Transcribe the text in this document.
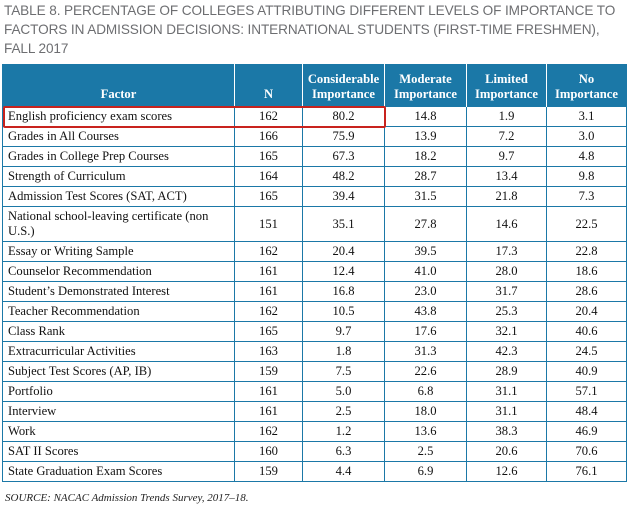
TABLE 8. PERCENTAGE OF COLLEGES ATTRIBUTING DIFFERENT LEVELS OF IMPORTANCE TO FACTORS IN ADMISSION DECISIONS: INTERNATIONAL STUDENTS (FIRST-TIME FRESHMEN), FALL 2017
Factor	N	Considerable Importance	Moderate Importance	Limited Importance	No Importance
English proficiency exam scores	162	80.2	14.8	1.9	3.1
Grades in All Courses	166	75.9	13.9	7.2	3.0
Grades in College Prep Courses	165	67.3	18.2	9.7	4.8
Strength of Curriculum	164	48.2	28.7	13.4	9.8
Admission Test Scores (SAT, ACT)	165	39.4	31.5	21.8	7.3
National school-leaving certificate (non U.S.)	151	35.1	27.8	14.6	22.5
Essay or Writing Sample	162	20.4	39.5	17.3	22.8
Counselor Recommendation	161	12.4	41.0	28.0	18.6
Student’s Demonstrated Interest	161	16.8	23.0	31.7	28.6
Teacher Recommendation	162	10.5	43.8	25.3	20.4
Class Rank	165	9.7	17.6	32.1	40.6
Extracurricular Activities	163	1.8	31.3	42.3	24.5
Subject Test Scores (AP, IB)	159	7.5	22.6	28.9	40.9
Portfolio	161	5.0	6.8	31.1	57.1
Interview	161	2.5	18.0	31.1	48.4
Work	162	1.2	13.6	38.3	46.9
SAT II Scores	160	6.3	2.5	20.6	70.6
State Graduation Exam Scores	159	4.4	6.9	12.6	76.1
SOURCE: NACAC Admission Trends Survey, 2017–18.
